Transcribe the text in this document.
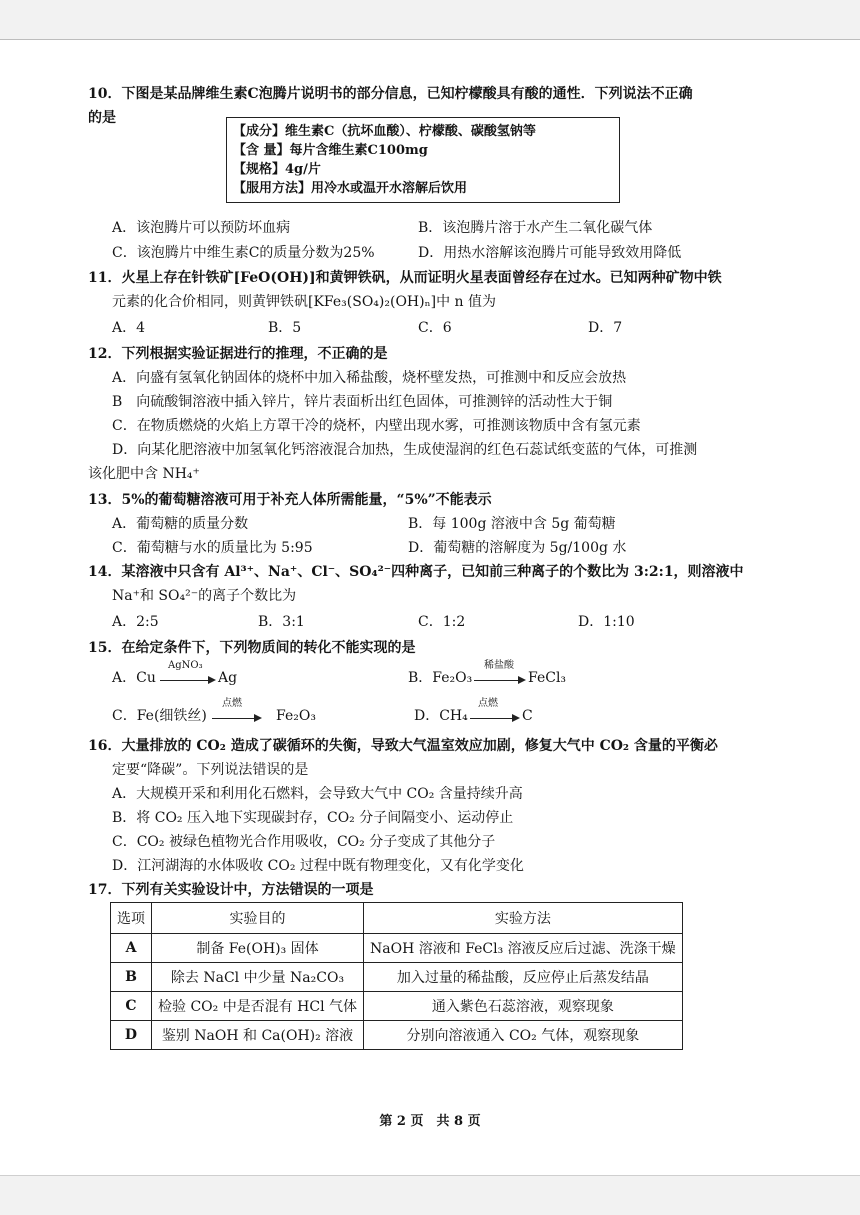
10．下图是某品牌维生素C泡腾片说明书的部分信息，已知柠檬酸具有酸的通性．下列说法不正确
的是
【成分】维生素C（抗坏血酸）、柠檬酸、碳酸氢钠等
【含 量】每片含维生素C100mg
【规格】4g/片
【服用方法】用冷水或温开水溶解后饮用
A．该泡腾片可以预防坏血病	B．该泡腾片溶于水产生二氧化碳气体
C．该泡腾片中维生素C的质量分数为25%	D．用热水溶解该泡腾片可能导致效用降低
11．火星上存在针铁矿[FeO(OH)]和黄钾铁矾，从而证明火星表面曾经存在过水。已知两种矿物中铁
元素的化合价相同，则黄钾铁矾[KFe₃(SO₄)₂(OH)ₙ]中 n 值为
A．4	B．5	C．6	D．7
12．下列根据实验证据进行的推理，不正确的是
A．向盛有氢氧化钠固体的烧杯中加入稀盐酸，烧杯壁发热，可推测中和反应会放热
B　向硫酸铜溶液中插入锌片，锌片表面析出红色固体，可推测锌的活动性大于铜
C．在物质燃烧的火焰上方罩干冷的烧杯，内壁出现水雾，可推测该物质中含有氢元素
D．向某化肥溶液中加氢氧化钙溶液混合加热，生成使湿润的红色石蕊试纸变蓝的气体，可推测
该化肥中含 NH₄⁺
13．5%的葡萄糖溶液可用于补充人体所需能量，“5%”不能表示
A．葡萄糖的质量分数	B．每 100g 溶液中含 5g 葡萄糖
C．葡萄糖与水的质量比为 5:95	D．葡萄糖的溶解度为 5g/100g 水
14．某溶液中只含有 Al³⁺、Na⁺、Cl⁻、SO₄²⁻四种离子，已知前三种离子的个数比为 3:2:1，则溶液中
Na⁺和 SO₄²⁻的离子个数比为
A．2:5	B．3:1	C．1:2	D．1:10
15．在给定条件下，下列物质间的转化不能实现的是
A．Cu
AgNO₃
→ Ag	B．Fe₂O₃
稀盐酸
→ FeCl₃
C．Fe(细铁丝)
点燃
→ Fe₂O₃	D．CH₄
点燃
→ C
16．大量排放的 CO₂ 造成了碳循环的失衡，导致大气温室效应加剧，修复大气中 CO₂ 含量的平衡必
定要“降碳”。下列说法错误的是
A．大规模开采和利用化石燃料，会导致大气中 CO₂ 含量持续升高
B．将 CO₂ 压入地下实现碳封存，CO₂ 分子间隔变小、运动停止
C．CO₂ 被绿色植物光合作用吸收，CO₂ 分子变成了其他分子
D．江河湖海的水体吸收 CO₂ 过程中既有物理变化，又有化学变化
17．下列有关实验设计中，方法错误的一项是
选项	实验目的	实验方法
A	制备 Fe(OH)₃ 固体	NaOH 溶液和 FeCl₃ 溶液反应后过滤、洗涤干燥
B	除去 NaCl 中少量 Na₂CO₃	加入过量的稀盐酸，反应停止后蒸发结晶
C	检验 CO₂ 中是否混有 HCl 气体	通入紫色石蕊溶液，观察现象
D	鉴别 NaOH 和 Ca(OH)₂ 溶液	分别向溶液通入 CO₂ 气体，观察现象
第 2 页　共 8 页
